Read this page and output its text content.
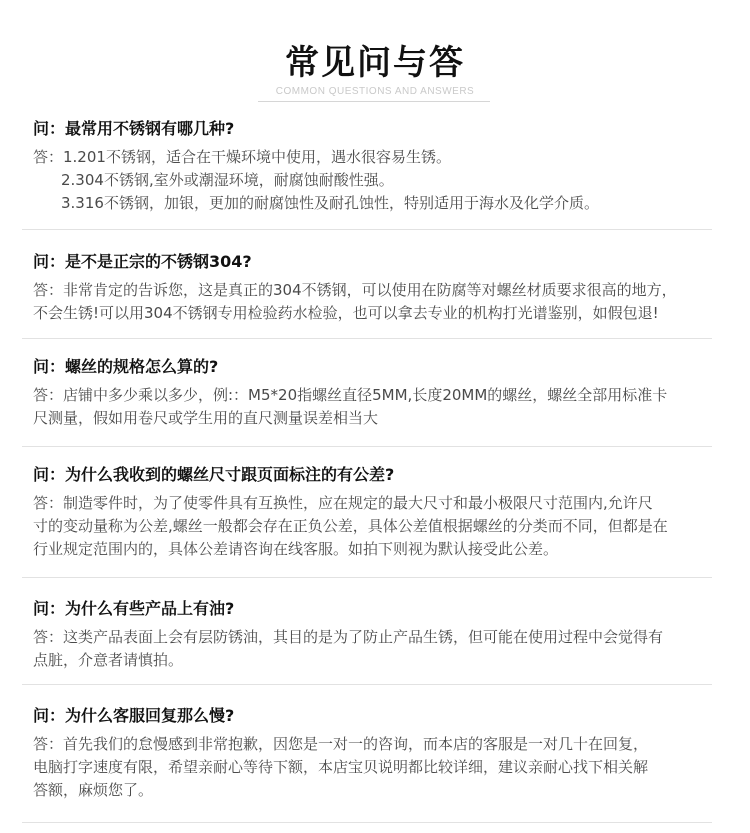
常见问与答
COMMON QUESTIONS AND ANSWERS
问：最常用不锈钢有哪几种?
答：1.201不锈钢，适合在干燥环境中使用，遇水很容易生锈。
2.304不锈钢,室外或潮湿环境，耐腐蚀耐酸性强。
3.316不锈钢，加银，更加的耐腐蚀性及耐孔蚀性，特别适用于海水及化学介质。
问：是不是正宗的不锈钢304?
答：非常肯定的告诉您，这是真正的304不锈钢，可以使用在防腐等对螺丝材质要求很高的地方，
不会生锈!可以用304不锈钢专用检验药水检验，也可以拿去专业的机构打光谱鉴别，如假包退!
问：螺丝的规格怎么算的?
答：店铺中多少乘以多少，例:：M5*20指螺丝直径5MM,长度20MM的螺丝，螺丝全部用标准卡
尺测量，假如用卷尺或学生用的直尺测量误差相当大
问：为什么我收到的螺丝尺寸跟页面标注的有公差?
答：制造零件时，为了使零件具有互换性，应在规定的最大尺寸和最小极限尺寸范围内,允许尺
寸的变动量称为公差,螺丝一般都会存在正负公差，具体公差值根据螺丝的分类而不同，但都是在
行业规定范围内的，具体公差请咨询在线客服。如拍下则视为默认接受此公差。
问：为什么有些产品上有油?
答：这类产品表面上会有层防锈油，其目的是为了防止产品生锈，但可能在使用过程中会觉得有
点脏，介意者请慎拍。
问：为什么客服回复那么慢?
答：首先我们的怠慢感到非常抱歉，因您是一对一的咨询，而本店的客服是一对几十在回复，
电脑打字速度有限，希望亲耐心等待下额，本店宝贝说明都比较详细，建议亲耐心找下相关解
答额，麻烦您了。
